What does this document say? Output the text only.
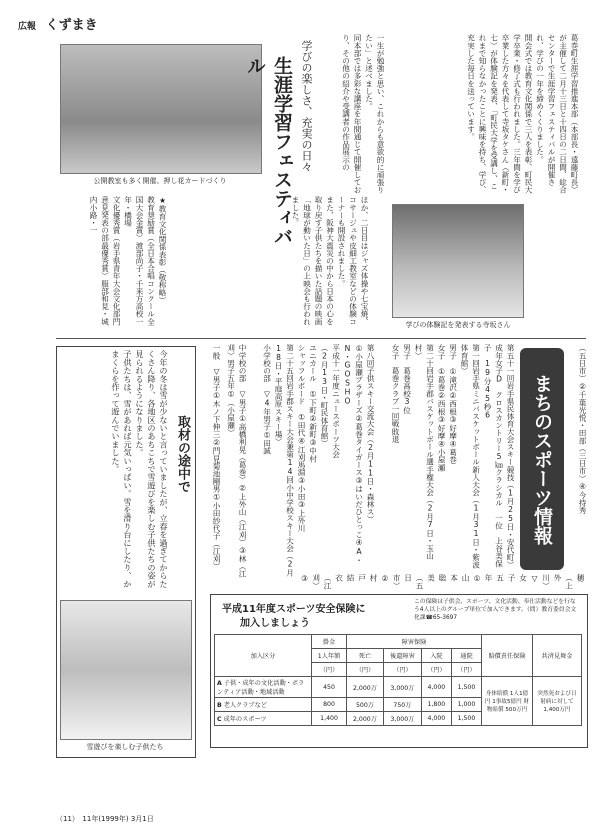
広報 くずまき
公開教室も多く開催、押し花カードづくり	葛巻町生涯学習推進本部（本部長・遠藤町長）が主催して二月十三日と十四日の二日間、総合センターで生涯学習フェスティバルが開催され、学びの一年を締めくくりました。
開会式では教育文化関係で三人を表彰、町民大学卒業・修了式も行われました。三年間を学び卒業した方々を代表して寺坂タケさん（新町・七）が体験記を発表、「町民大学を受講し、これまで知らなかったことに興味を持ち、学び、充実した毎日を送っています。
生涯学習フェスティバル	学びの楽しさ、充実の日々	一生が勉強と思い、これからも意欲的に頑張りたい」と述べました。
同本部では多彩な講座を年間通じて開催しており、その他の紹介や受講者の作品展示の
学びの体験記を発表する寺坂さん
ほか、二日目はジャズ体操や七宝焼、コサージュや皮細工教室などの体験コーナーも開設されました。
また、阪神大震災の中から日本の心を取り戻す子供たちを描いた話題の映画「地球が動いた日」の上映会も行われました。
★教育文化関係表彰（敬称略）
教育奨励賞（全日本合唱コンクール全国大会金賞）渡部尚子・千来方高校一年・橋場
文化優秀賞（岩手県青年大会文化部門意見発表の部最優秀賞）服部和見・城内小路・一
まちのスポーツ情報	（五日市）②千葉光悦・田部（三日市）④今持秀
第五十一回岩手県民体育大会スキー競技（1月25日・安代町）成年女子D　クロスカントリー5㎞クラシカル　一位　上谷美保子　19分45秒6
第一回岩手県ミニバスケットボール新人大会（1月31日・紫波体育館）
男子　①滝沢②西根③好摩④葛巻
女子　①葛巻②西根③好摩④小屋瀬
第二十回岩手郡バスケットボール選手権大会（2月7日・玉山村）
男子　葛巻高校3位
女子　葛巻クラブ一回戦敗退
第八回子供スキー交流大会（2月11日・森林ス）
①小屋瀬ブラザーズ②葛巻タイガース③はいだひとっこ④A・N・GOSHO
平成十一年度ニュースポーツ大会
（2月13日・町民体育館）
ユニカール　①下町②新町③中村
シャッフルボード　①田代④江刈馬淵③小田③上外川
第二十五回岩手郡スキー大会兼第14回小中学校スキー大会（2月18日・平庭高原スキー場）
小学校の部　▽4年男子①田誠
中学校の部　▽男子①高橋利晃（葛巻）②上外山（江刈）③林（江刈）男子五年①（小屋瀬）
一般　▽男子①木ノ下伸三②門見菊池剛男①小田紗代子（江刈）
穂（上外川）▽女子五年①山本聡美（五日市）②村戸結衣（江刈）③
取材の途中で
今年の冬は雪が少ないと言っていましたが、立春を過ぎてからたくさん降り、各地区のあちこちで雪遊びを楽しむ子供たちの姿が見られるようになりました。
子供たちは、雪があれば元気いっぱい。雪を滑り台にしたり、かまくらを作って遊んでいました。
雪遊びを楽しむ子供たち
平成11年度スポーツ安全保険に
加入しましょう
この保険は子供会、スポーツ、文化活動、奉仕活動などを行なう4人以上のグループ単位で加入できます。（問）教育委員会文化課☎65-3697
加入区分	掛金	障害保険				賠償責任保険	共済見舞金
	1人年額	死亡	後遺障害	入院	通院		
	（円）	（円）	（円）	（円）	（円）		
A 子供・成年の文化活動・ボランティア活動・地域活動	450	2,000万	3,000万	4,000	1,500	身体賠償 1人1億円 1事故5億円 財物賠償 500万円	突然死および日射病に対して1,400万円
B 老人クラブなど	800	500万	750万	1,800	1,000		
C 成年のスポーツ	1,400	2,000万	3,000万	4,000	1,500		
（11）　11年(1999年) 3月1日
